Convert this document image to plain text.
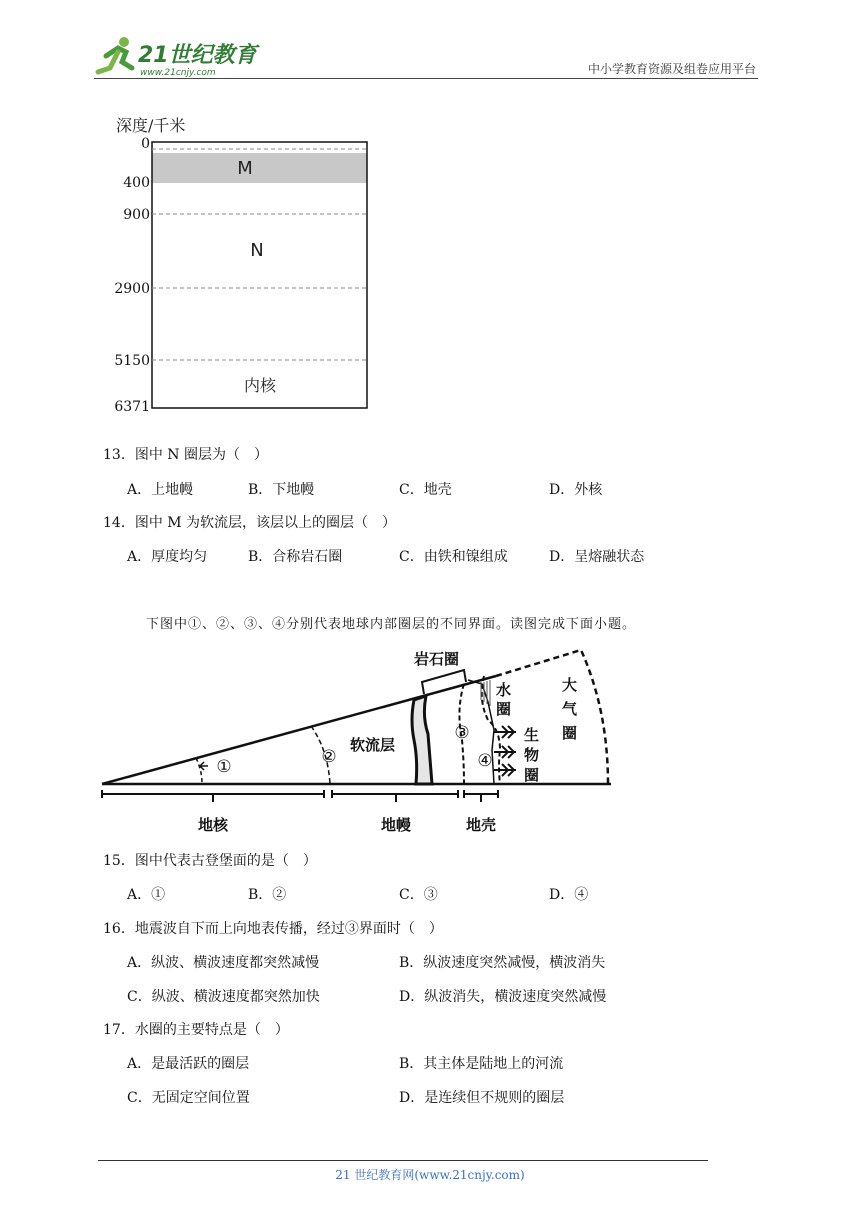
21世纪教育
www.21cnjy.com	中小学教育资源及组卷应用平台
深度/千米
0
400
900
2900
5150
6371
M
N
内核
13．图中 N 圈层为（　）
A．上地幔	B．下地幔	C．地壳	D．外核
14．图中 M 为软流层，该层以上的圈层（　）
A．厚度均匀	B．合称岩石圈	C．由铁和镍组成	D．呈熔融状态
下图中①、②、③、④分别代表地球内部圈层的不同界面。读图完成下面小题。
①	②
③
④
岩石圈
软流层
水
圈
生
物
圈
大
气
圈
地核	地幔	地壳
15．图中代表古登堡面的是（　）
A．①	B．②	C．③	D．④
16．地震波自下而上向地表传播，经过③界面时（　）
A．纵波、横波速度都突然减慢	B．纵波速度突然减慢，横波消失
C．纵波、横波速度都突然加快	D．纵波消失，横波速度突然减慢
17．水圈的主要特点是（　）
A．是最活跃的圈层	B．其主体是陆地上的河流
C．无固定空间位置	D．是连续但不规则的圈层
21 世纪教育网(www.21cnjy.com)
